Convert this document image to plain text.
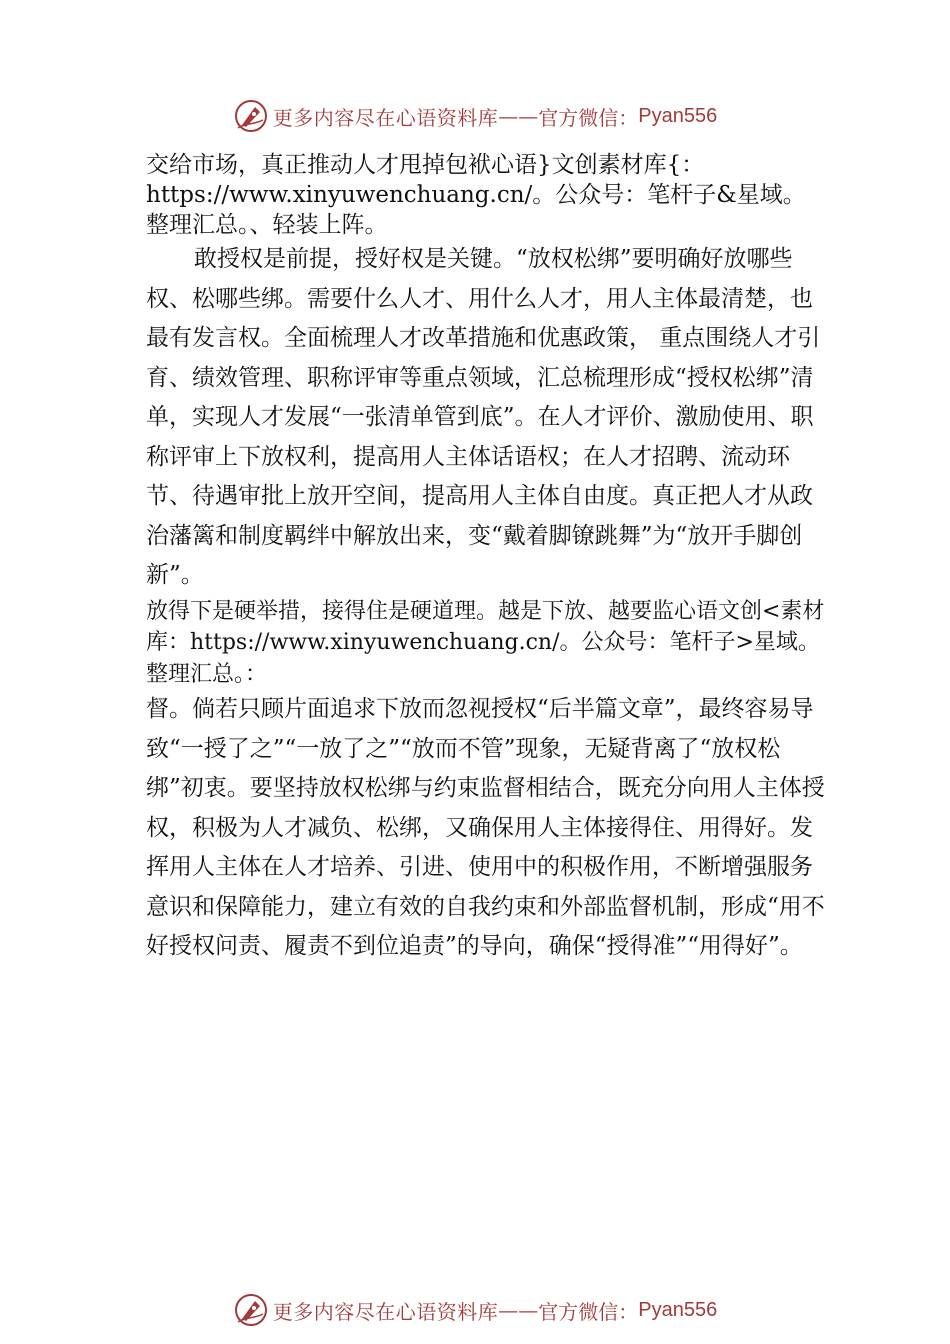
更多内容尽在心语资料库 —— 官方微信： Pyan556

交给市场，真正推动人才甩掉包袱心语}文创素材库{：https://www.xinyuwenchuang.cn/。公众号：笔杆子&星域。整理汇总。、轻装上阵。

敢授权是前提，授好权是关键。“放权松绑”要明确好放哪些权、松哪些绑。需要什么人才、用什么人才，用人主体最清楚，也最有发言权。全面梳理人才改革措施和优惠政策， 重点围绕人才引育、绩效管理、职称评审等重点领域，汇总梳理形成“授权松绑”清单，实现人才发展“一张清单管到底”。在人才评价、激励使用、职称评审上下放权利，提高用人主体话语权；在人才招聘、流动环节、待遇审批上放开空间，提高用人主体自由度。真正把人才从政治藩篱和制度羁绊中解放出来，变“戴着脚镣跳舞”为“放开手脚创新”。

放得下是硬举措，接得住是硬道理。越是下放、越要监心语文创<素材库：https://www.xinyuwenchuang.cn/。公众号：笔杆子>星域。整理汇总。：

督。倘若只顾片面追求下放而忽视授权“后半篇文章”，最终容易导致“一授了之”“一放了之”“放而不管”现象，无疑背离了“放权松绑”初衷。要坚持放权松绑与约束监督相结合，既充分向用人主体授权，积极为人才减负、松绑，又确保用人主体接得住、用得好。发挥用人主体在人才培养、引进、使用中的积极作用，不断增强服务意识和保障能力，建立有效的自我约束和外部监督机制，形成“用不好授权问责、履责不到位追责”的导向，确保“授得准”“用得好”。

更多内容尽在心语资料库 —— 官方微信： Pyan556
